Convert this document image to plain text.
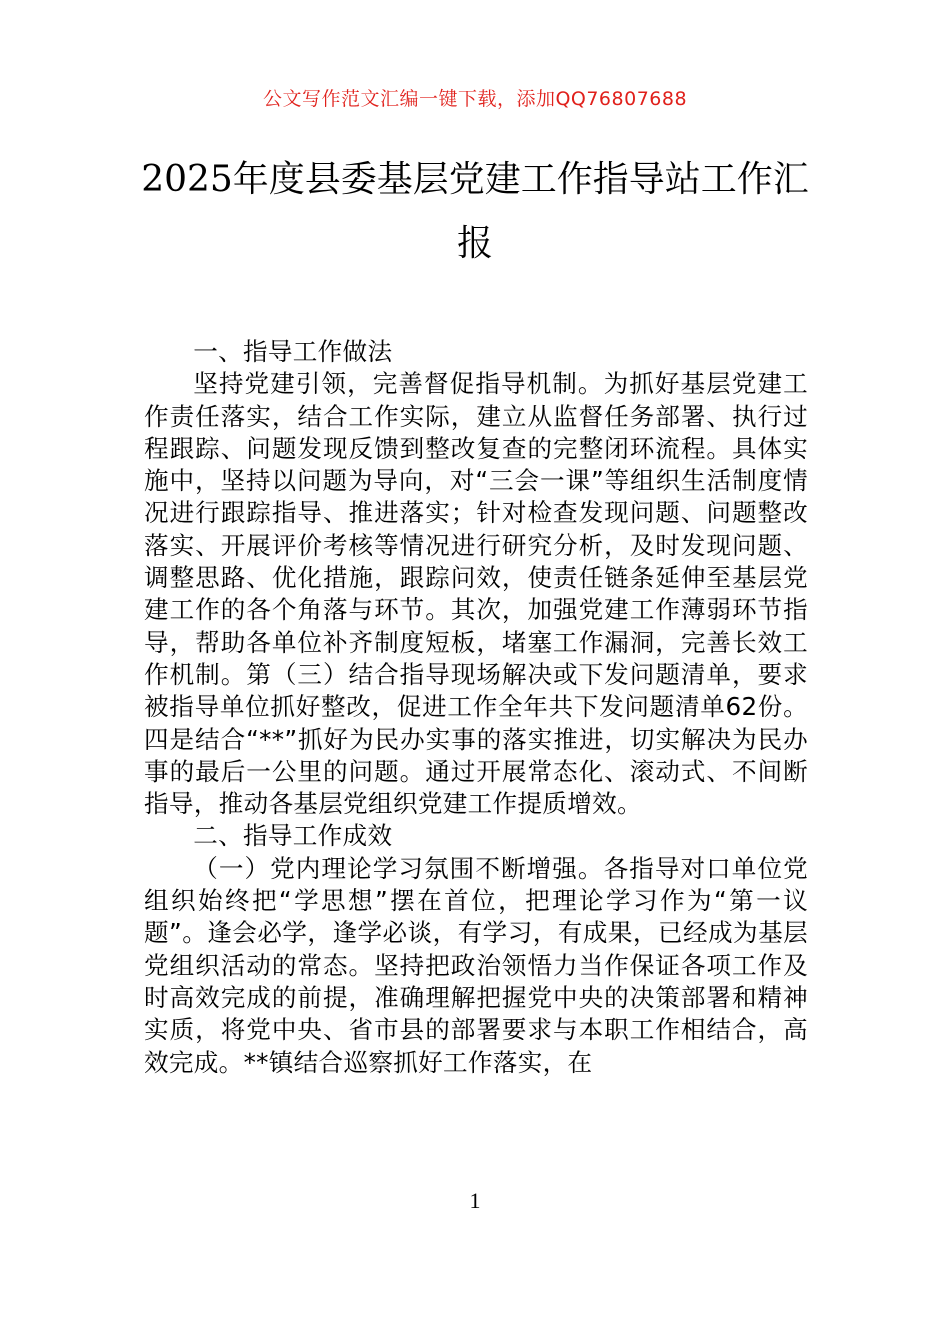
公文写作范文汇编一键下载，添加QQ76807688
2025年度县委基层党建工作指导站工作汇
报
一、指导工作做法

坚持党建引领，完善督促指导机制。为抓好基层党建工作责任落实，结合工作实际，建立从监督任务部署、执行过程跟踪、问题发现反馈到整改复查的完整闭环流程。具体实施中，坚持以问题为导向，对“三会一课”等组织生活制度情况进行跟踪指导、推进落实；针对检查发现问题、问题整改落实、开展评价考核等情况进行研究分析，及时发现问题、调整思路、优化措施，跟踪问效，使责任链条延伸至基层党建工作的各个角落与环节。其次，加强党建工作薄弱环节指导，帮助各单位补齐制度短板，堵塞工作漏洞，完善长效工作机制。第（三）结合指导现场解决或下发问题清单，要求被指导单位抓好整改，促进工作全年共下发问题清单62份。四是结合“**”抓好为民办实事的落实推进，切实解决为民办事的最后一公里的问题。通过开展常态化、滚动式、不间断指导，推动各基层党组织党建工作提质增效。

二、指导工作成效

（一）党内理论学习氛围不断增强。各指导对口单位党组织始终把“学思想”摆在首位，把理论学习作为“第一议题”。逢会必学，逢学必谈，有学习，有成果，已经成为基层党组织活动的常态。坚持把政治领悟力当作保证各项工作及时高效完成的前提，准确理解把握党中央的决策部署和精神实质，将党中央、省市县的部署要求与本职工作相结合，高效完成。**镇结合巡察抓好工作落实，在

1
